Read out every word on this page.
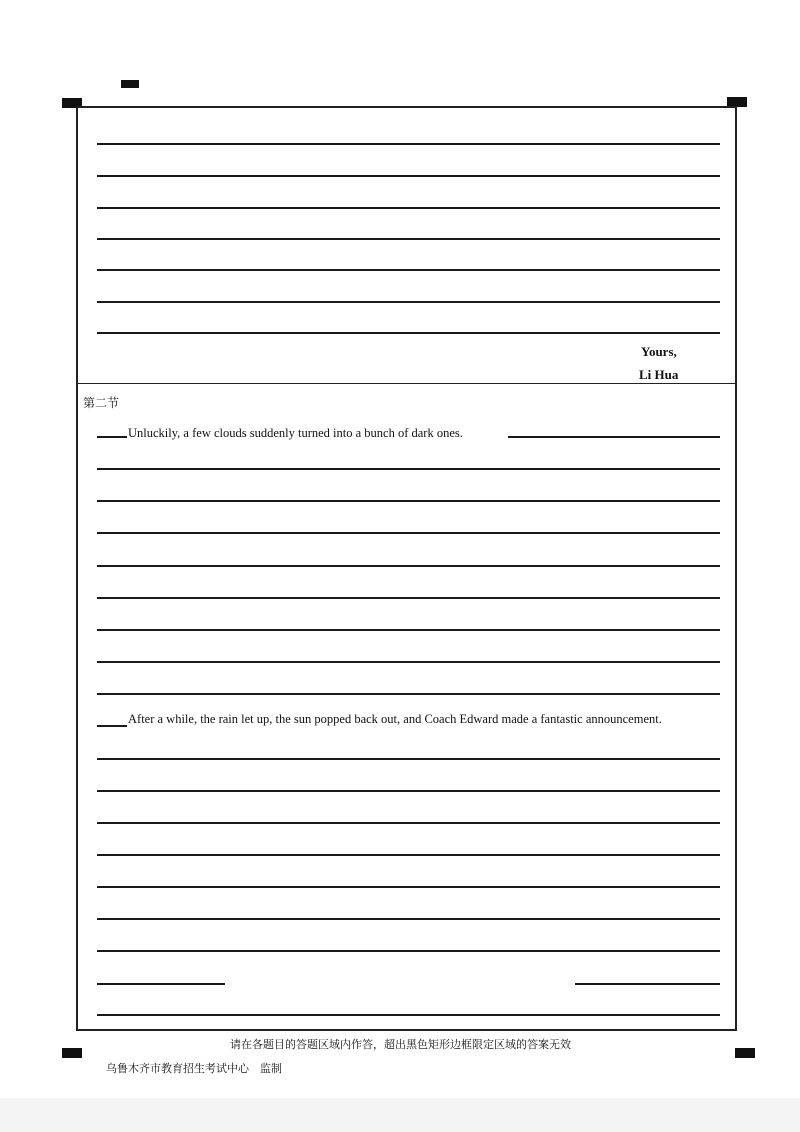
Yours,
Li Hua
第二节
Unluckily, a few clouds suddenly turned into a bunch of dark ones.
After a while, the rain let up, the sun popped back out, and Coach Edward made a fantastic announcement.
请在各题目的答题区域内作答，超出黑色矩形边框限定区域的答案无效
乌鲁木齐市教育招生考试中心　监制
